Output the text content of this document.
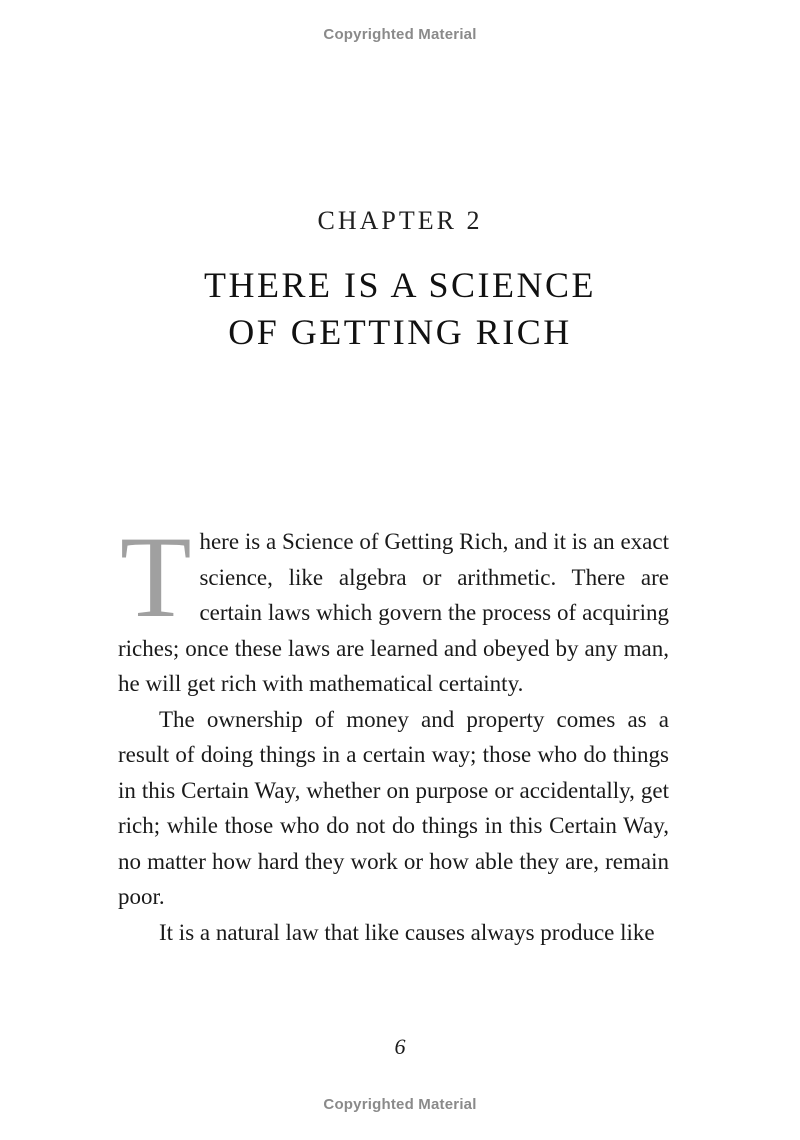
Copyrighted Material
CHAPTER 2
THERE IS A SCIENCE
OF GETTING RICH

There is a Science of Getting Rich, and it is an exact science, like algebra or arithmetic. There are certain laws which govern the process of acquiring riches; once these laws are learned and obeyed by any man, he will get rich with mathematical certainty.

The ownership of money and property comes as a result of doing things in a certain way; those who do things in this Certain Way, whether on purpose or accidentally, get rich; while those who do not do things in this Certain Way, no matter how hard they work or how able they are, remain poor.

It is a natural law that like causes always produce like

6
Copyrighted Material
